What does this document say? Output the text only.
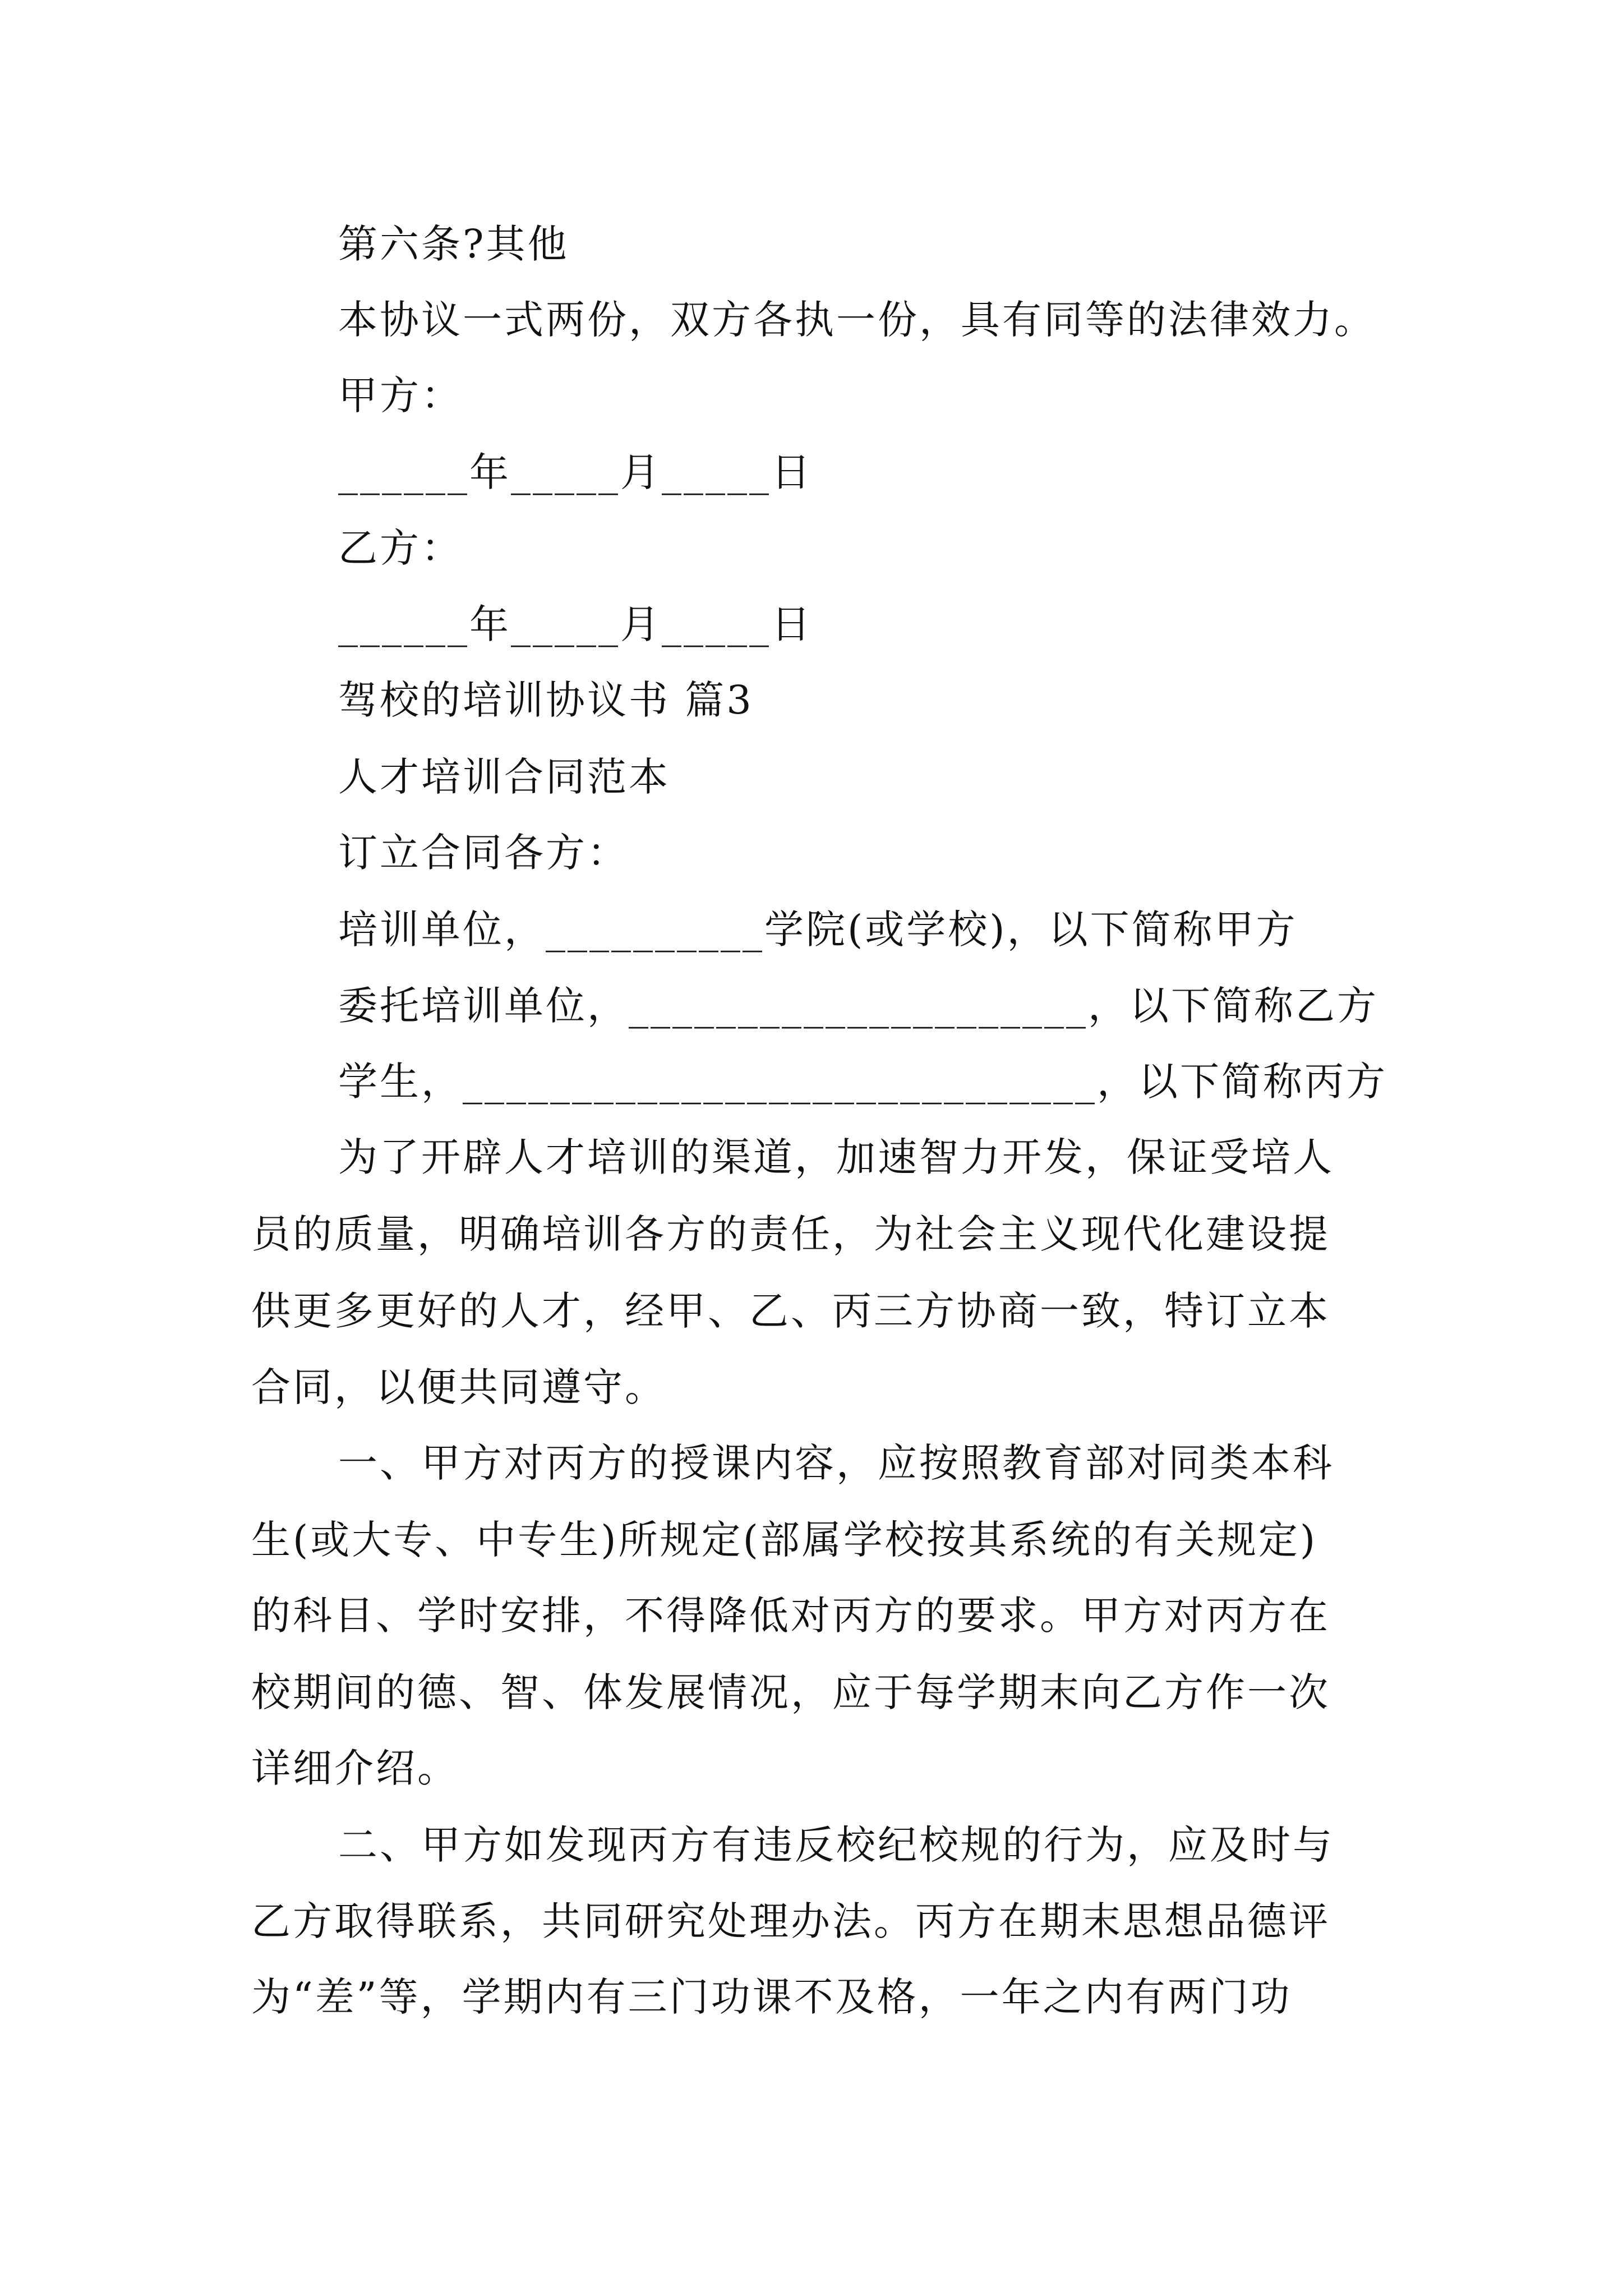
第六条?其他
本协议一式两份，双方各执一份，具有同等的法律效力。
甲方：
______年_____月_____日
乙方：
______年_____月_____日
驾校的培训协议书 篇3
人才培训合同范本
订立合同各方：
培训单位，__________学院(或学校)，以下简称甲方
委托培训单位，_____________________，以下简称乙方
学生，_____________________________，以下简称丙方
为了开辟人才培训的渠道，加速智力开发，保证受培人
员的质量，明确培训各方的责任，为社会主义现代化建设提
供更多更好的人才，经甲、乙、丙三方协商一致，特订立本
合同，以便共同遵守。
一、甲方对丙方的授课内容，应按照教育部对同类本科
生(或大专、中专生)所规定(部属学校按其系统的有关规定)
的科目、学时安排，不得降低对丙方的要求。甲方对丙方在
校期间的德、智、体发展情况，应于每学期末向乙方作一次
详细介绍。
二、甲方如发现丙方有违反校纪校规的行为，应及时与
乙方取得联系，共同研究处理办法。丙方在期末思想品德评
为“差”等，学期内有三门功课不及格，一年之内有两门功
